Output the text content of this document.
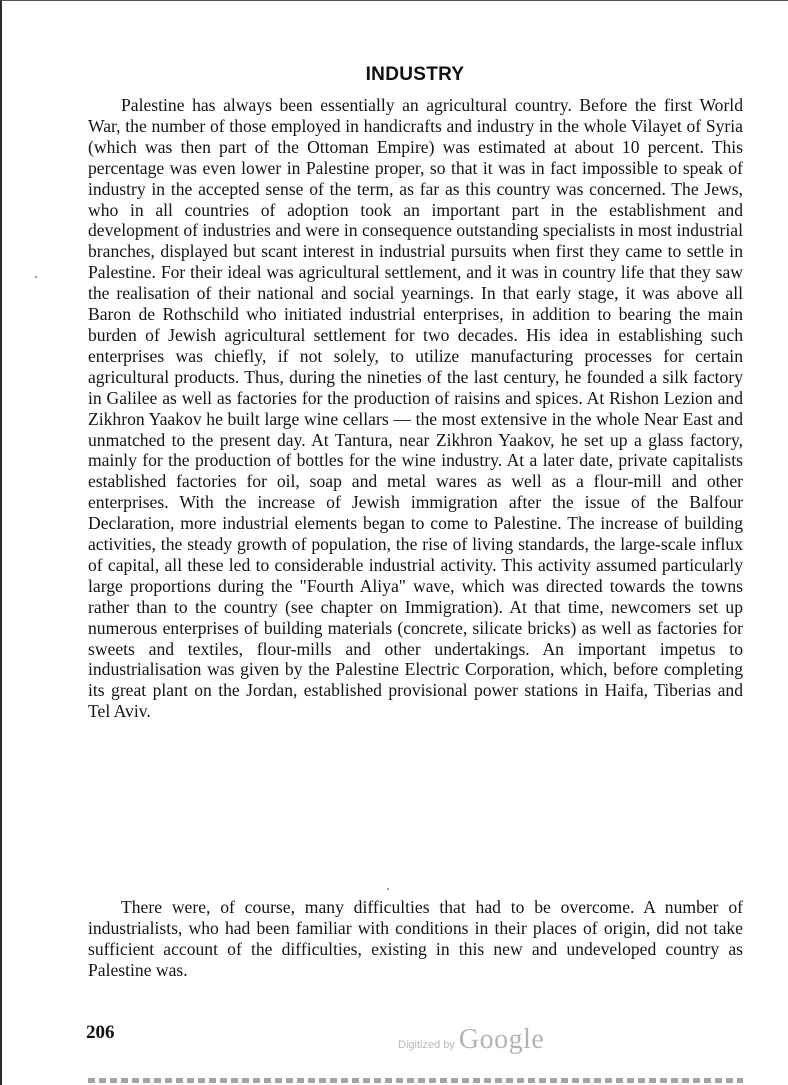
INDUSTRY

Palestine has always been essentially an agricultural country. Before the first World War, the number of those employed in handicrafts and industry in the whole Vilayet of Syria (which was then part of the Ottoman Empire) was estimated at about 10 percent. This percentage was even lower in Palestine proper, so that it was in fact impossible to speak of industry in the accepted sense of the term, as far as this country was concerned. The Jews, who in all countries of adoption took an important part in the establishment and development of industries and were in consequence outstanding specialists in most industrial branches, displayed but scant interest in industrial pursuits when first they came to settle in Palestine. For their ideal was agricultural settlement, and it was in country life that they saw the realisation of their national and social yearnings. In that early stage, it was above all Baron de Rothschild who initiated industrial enterprises, in addition to bearing the main burden of Jewish agricultural settlement for two decades. His idea in establishing such enterprises was chiefly, if not solely, to utilize manufacturing processes for certain agricultural products. Thus, during the nineties of the last century, he founded a silk factory in Galilee as well as factories for the production of raisins and spices. At Rishon Lezion and Zikhron Yaakov he built large wine cellars — the most extensive in the whole Near East and unmatched to the present day. At Tantura, near Zikhron Yaakov, he set up a glass factory, mainly for the production of bottles for the wine industry. At a later date, private capitalists established factories for oil, soap and metal wares as well as a flour-mill and other enterprises. With the increase of Jewish immigration after the issue of the Balfour Declaration, more industrial elements began to come to Palestine. The increase of building activities, the steady growth of population, the rise of living standards, the large-scale influx of capital, all these led to considerable industrial activity. This activity assumed particularly large proportions during the "Fourth Aliya" wave, which was directed towards the towns rather than to the country (see chapter on Immigration). At that time, newcomers set up numerous enterprises of building materials (concrete, silicate bricks) as well as factories for sweets and textiles, flour-mills and other undertakings. An important impetus to industrialisation was given by the Palestine Electric Corporation, which, before completing its great plant on the Jordan, established provisional power stations in Haifa, Tiberias and Tel Aviv.

There were, of course, many difficulties that had to be overcome. A number of industrialists, who had been familiar with conditions in their places of origin, did not take sufficient account of the difficulties, existing in this new and undeveloped country as Palestine was.

206
Digitized by Google
